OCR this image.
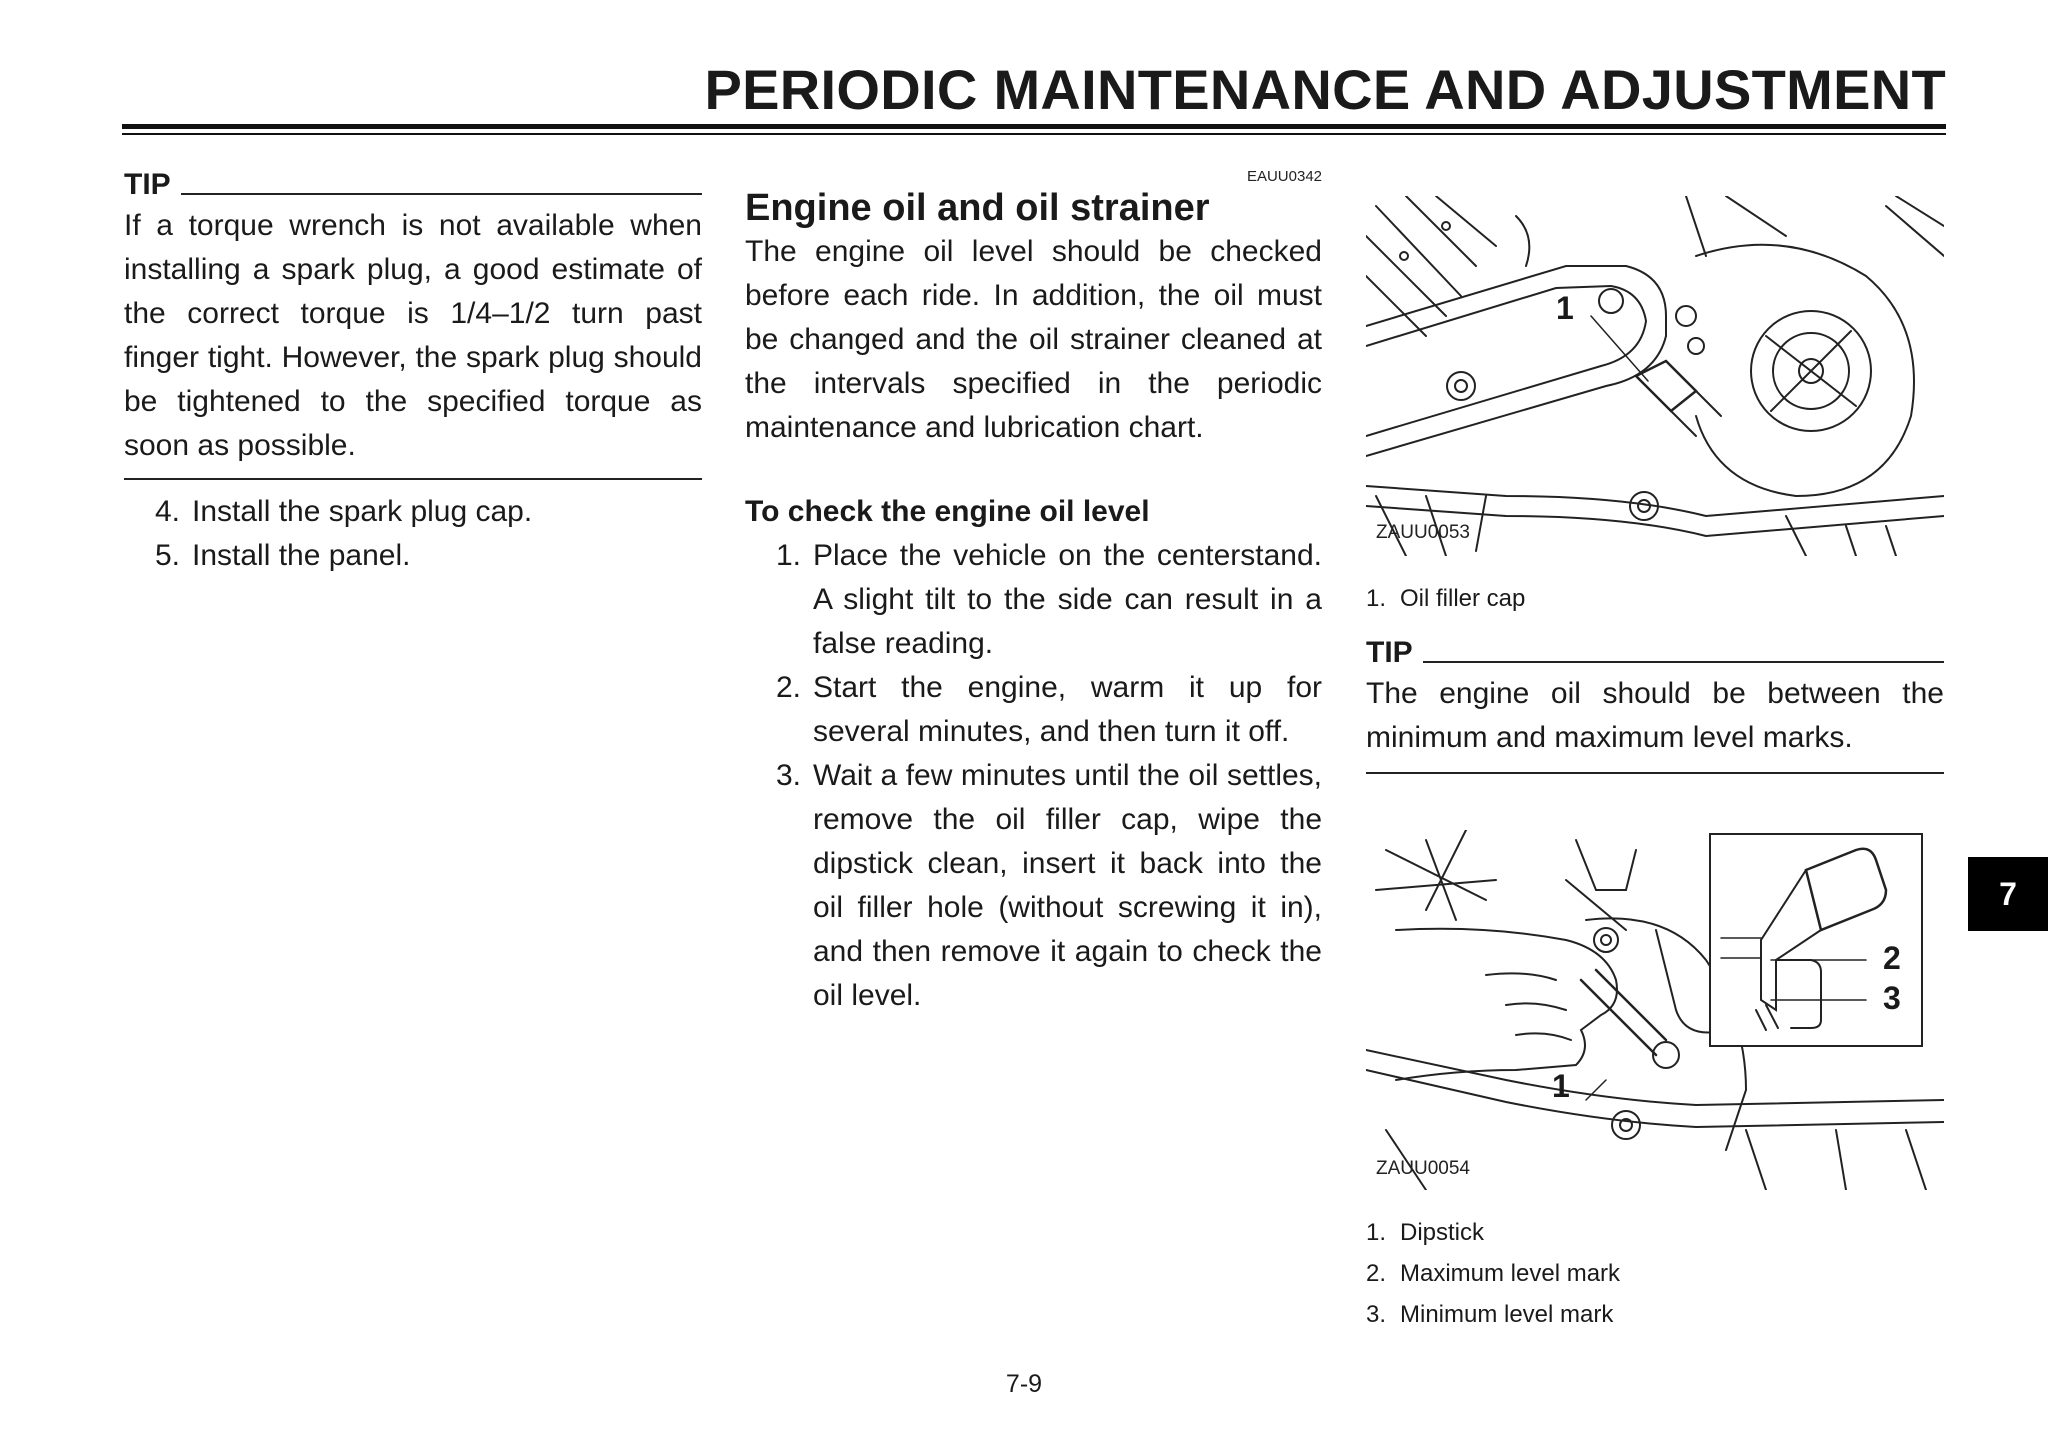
PERIODIC MAINTENANCE AND ADJUSTMENT
TIP
If a torque wrench is not available when installing a spark plug, a good estimate of the correct torque is 1/4–1/2 turn past finger tight. However, the spark plug should be tightened to the specified torque as soon as possible.
4. Install the spark plug cap.
5. Install the panel.
EAUU0342
Engine oil and oil strainer

The engine oil level should be checked before each ride. In addition, the oil must be changed and the oil strainer cleaned at the intervals specified in the periodic maintenance and lubrication chart.

To check the engine oil level
1. Place the vehicle on the centerstand. A slight tilt to the side can result in a false reading.
2. Start the engine, warm it up for several minutes, and then turn it off.
3. Wait a few minutes until the oil settles, remove the oil filler cap, wipe the dipstick clean, insert it back into the oil filler hole (without screwing it in), and then remove it again to check the oil level.
1
ZAUU0053
1. Oil filler cap
TIP
The engine oil should be between the minimum and maximum level marks.
1
2
3
ZAUU0054
1. Dipstick
2. Maximum level mark
3. Minimum level mark
7
7-9
